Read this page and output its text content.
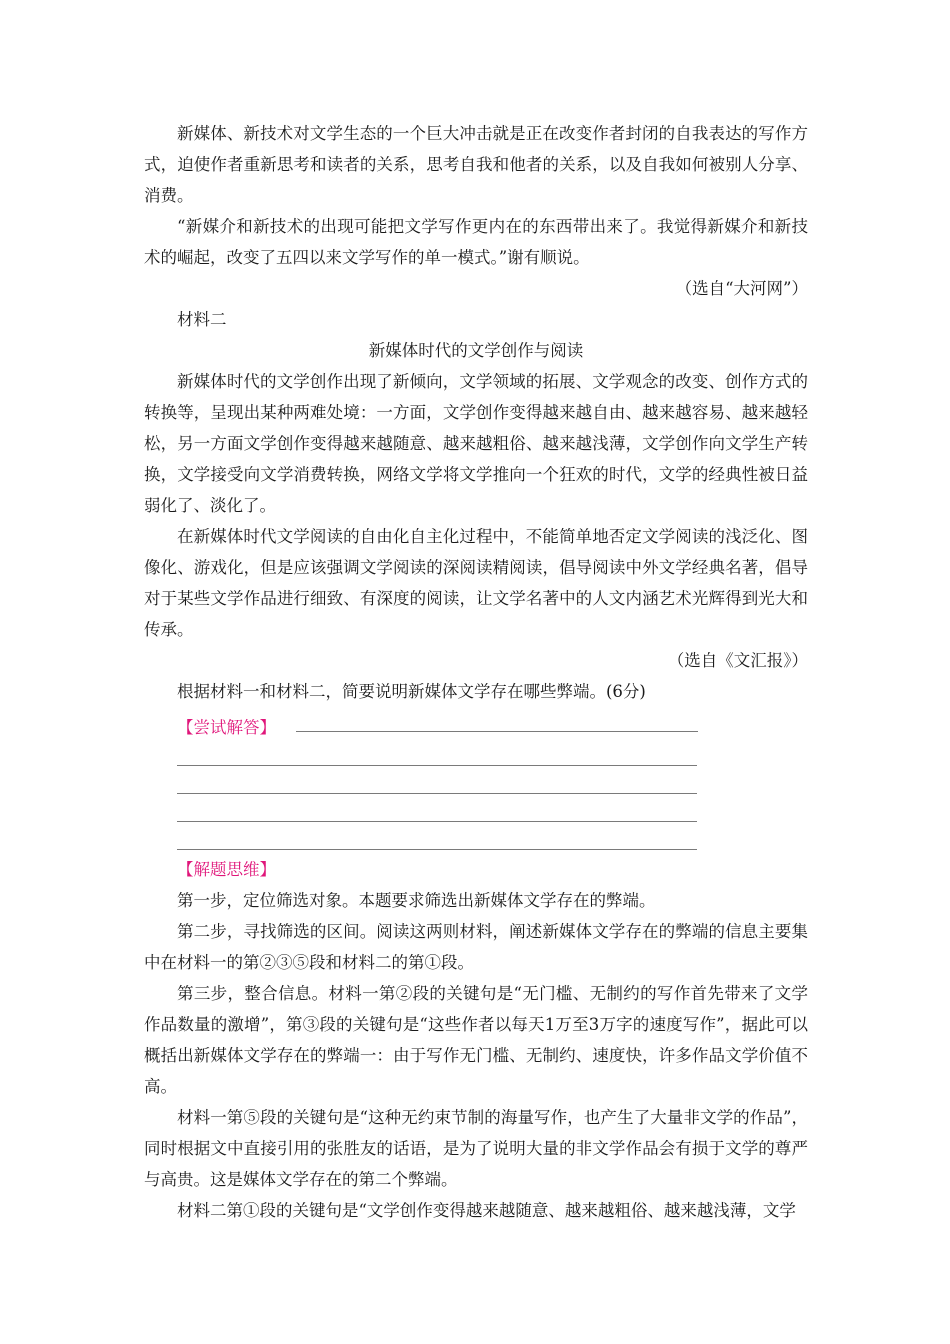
新媒体、新技术对文学生态的一个巨大冲击就是正在改变作者封闭的自我表达的写作方式，迫使作者重新思考和读者的关系，思考自我和他者的关系，以及自我如何被别人分享、消费。

“新媒介和新技术的出现可能把文学写作更内在的东西带出来了。我觉得新媒介和新技术的崛起，改变了五四以来文学写作的单一模式。”谢有顺说。

（选自“大河网”）

材料二

新媒体时代的文学创作与阅读

新媒体时代的文学创作出现了新倾向，文学领域的拓展、文学观念的改变、创作方式的转换等，呈现出某种两难处境：一方面，文学创作变得越来越自由、越来越容易、越来越轻松，另一方面文学创作变得越来越随意、越来越粗俗、越来越浅薄，文学创作向文学生产转换，文学接受向文学消费转换，网络文学将文学推向一个狂欢的时代，文学的经典性被日益弱化了、淡化了。

在新媒体时代文学阅读的自由化自主化过程中，不能简单地否定文学阅读的浅泛化、图像化、游戏化，但是应该强调文学阅读的深阅读精阅读，倡导阅读中外文学经典名著，倡导对于某些文学作品进行细致、有深度的阅读，让文学名著中的人文内涵艺术光辉得到光大和传承。

（选自《文汇报》）

根据材料一和材料二，简要说明新媒体文学存在哪些弊端。(6分)

【尝试解答】

【解题思维】

第一步，定位筛选对象。本题要求筛选出新媒体文学存在的弊端。

第二步，寻找筛选的区间。阅读这两则材料，阐述新媒体文学存在的弊端的信息主要集中在材料一的第②③⑤段和材料二的第①段。

第三步，整合信息。材料一第②段的关键句是“无门槛、无制约的写作首先带来了文学作品数量的激增”，第③段的关键句是“这些作者以每天1万至3万字的速度写作”，据此可以概括出新媒体文学存在的弊端一：由于写作无门槛、无制约、速度快，许多作品文学价值不高。

材料一第⑤段的关键句是“这种无约束节制的海量写作，也产生了大量非文学的作品”，同时根据文中直接引用的张胜友的话语，是为了说明大量的非文学作品会有损于文学的尊严与高贵。这是媒体文学存在的第二个弊端。

材料二第①段的关键句是“文学创作变得越来越随意、越来越粗俗、越来越浅薄，文学
